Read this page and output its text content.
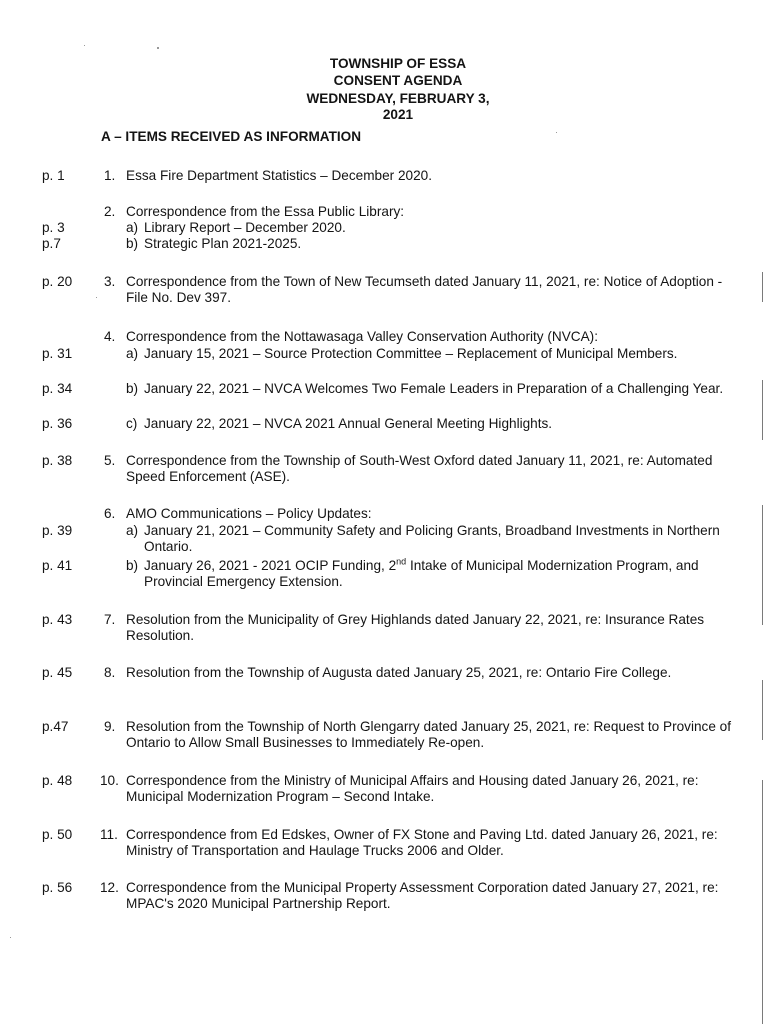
TOWNSHIP OF ESSA
CONSENT AGENDA
WEDNESDAY, FEBRUARY 3, 2021
A – ITEMS RECEIVED AS INFORMATION
p. 1	1. Essa Fire Department Statistics – December 2020.
2. Correspondence from the Essa Public Library:
p. 3	a) Library Report – December 2020.
p.7	b) Strategic Plan 2021-2025.
p. 20 3. Correspondence from the Town of New Tecumseth dated January 11, 2021, re: Notice of Adoption - File No. Dev 397.
4. Correspondence from the Nottawasaga Valley Conservation Authority (NVCA):
p. 31	a) January 15, 2021 – Source Protection Committee – Replacement of Municipal Members.
p. 34	b) January 22, 2021 – NVCA Welcomes Two Female Leaders in Preparation of a Challenging Year.
p. 36	c) January 22, 2021 – NVCA 2021 Annual General Meeting Highlights.
p. 38 5. Correspondence from the Township of South-West Oxford dated January 11, 2021, re: Automated Speed Enforcement (ASE).
6. AMO Communications – Policy Updates:
p. 39	a) January 21, 2021 – Community Safety and Policing Grants, Broadband Investments in Northern Ontario.
p. 41	b) January 26, 2021 - 2021 OCIP Funding, 2nd Intake of Municipal Modernization Program, and Provincial Emergency Extension.
p. 43 7. Resolution from the Municipality of Grey Highlands dated January 22, 2021, re: Insurance Rates Resolution.
p. 45 8. Resolution from the Township of Augusta dated January 25, 2021, re: Ontario Fire College.
p.47	9. Resolution from the Township of North Glengarry dated January 25, 2021, re: Request to Province of Ontario to Allow Small Businesses to Immediately Re-open.
p. 48 10. Correspondence from the Ministry of Municipal Affairs and Housing dated January 26, 2021, re: Municipal Modernization Program – Second Intake.
p. 50 11. Correspondence from Ed Edskes, Owner of FX Stone and Paving Ltd. dated January 26, 2021, re: Ministry of Transportation and Haulage Trucks 2006 and Older.
p. 56 12. Correspondence from the Municipal Property Assessment Corporation dated January 27, 2021, re: MPAC's 2020 Municipal Partnership Report.
